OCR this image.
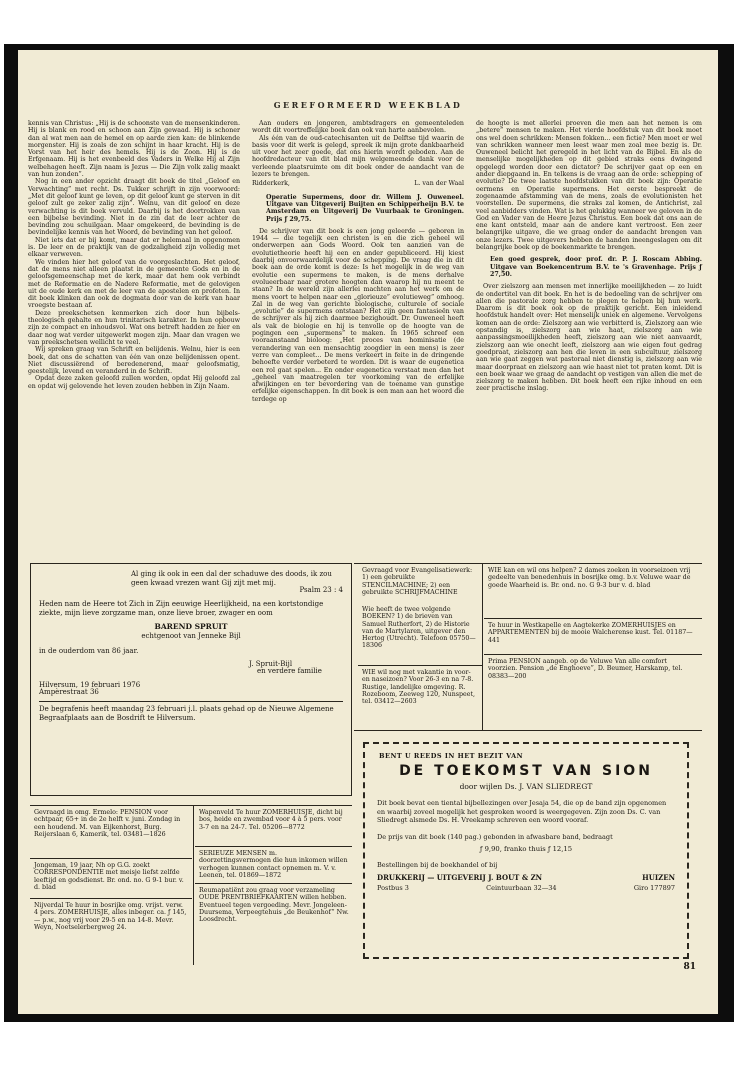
GEREFORMEERD WEEKBLAD

kennis van Christus: „Hij is de schoonste van de mensenkinderen. Hij is blank en rood en schoon aan Zijn gewaad. Hij is schoner dan al wat men aan de hemel en op aarde zien kan: de blinkende morgenster. Hij is zoals de zon schijnt in haar kracht. Hij is de Vorst van het heir des hemels. Hij is de Zoon. Hij is de Erfgenaam. Hij is het evenbeeld des Vaders in Welke Hij al Zijn welbehagen heeft. Zijn naam is Jezus — Die Zijn volk zalig maakt van hun zonden”.

Nog in een ander opzicht draagt dit boek de titel „Geloof en Verwachting” met recht. Ds. Tukker schrijft in zijn voorwoord: „Met dit geloof kunt ge leven, op dit geloof kunt ge sterven in dit geloof zult ge zeker zalig zijn”. Welnu, van dit geloof en deze verwachting is dit boek vervuld. Daarbij is het doortrokken van een bijbelse bevinding. Niet in de zin dat de leer achter de bevinding zou schuilgaan. Maar omgekeerd, de bevinding is de bevindelijke kennis van het Woord, de bevinding van het geloof.

Niet iets dat er bij komt, maar dat er helemaal in opgenomen is. De leer en de praktijk van de godzaligheid zijn volledig met elkaar verweven.

We vinden hier het geloof van de voorgeslachten. Het geloof, dat de mens niet alleen plaatst in de gemeente Gods en in de geloofsgemeenschap met de kerk, maar dat hem ook verbindt met de Reformatie en de Nadere Reformatie, met de gelovigen uit de oude kerk en met de leer van de apostelen en profeten. In dit boek klinken dan ook de dogmata door van de kerk van haar vroegste bestaan af.

Deze preekschetsen kenmerken zich door hun bijbels-theologisch gehalte en hun trinitarisch karakter. In hun opbouw zijn ze compact en inhoudsvol. Wat ons betreft hadden ze hier en daar nog wat verder uitgewerkt mogen zijn. Maar dan vragen we van preekschetsen wellicht te veel.

Wij spreken graag van Schrift en belijdenis. Welnu, hier is een boek, dat ons de schatten van één van onze belijdenissen opent. Niet discussiërend of beredenerend, maar geloofsmatig, geestelijk, levend en veranderd in de Schrift.

Opdat deze zaken geloofd zullen worden, opdat Hij geloofd zal en opdat wij gelovende het leven zouden hebben in Zijn Naam.

Aan ouders en jongeren, ambtsdragers en gemeenteleden wordt dit voortreffelijke boek dan ook van harte aanbevolen.

Als één van de oud-catechisanten uit de Delftse tijd waarin de basis voor dit werk is gelegd, spreek ik mijn grote dankbaarheid uit voor het zeer goede, dat ons hierin wordt geboden. Aan de hoofdredacteur van dit blad mijn welgemeende dank voor de verleende plaatsruimte om dit boek onder de aandacht van de lezers te brengen.

Ridderkerk,	L. van der Waal

Operatie Supermens, door dr. Willem J. Ouweneel. Uitgave van Uitgeverij Buijten en Schipperheijn B.V. te Amsterdam en Uitgeverij De Vuurbaak te Groningen. Prijs ƒ 29,75.

De schrijver van dit boek is een jong geleerde — geboren in 1944 — die tegelijk een christen is en die zich geheel wil onderwerpen aan Gods Woord. Ook ten aanzien van de evolutietheorie heeft hij een en ander gepubliceerd. Hij kiest daarbij onvoorwaardelijk voor de schepping. De vraag die in dit boek aan de orde komt is deze: Is het mogelijk in de weg van evolutie een supermens te maken, is de mens derhalve evolueerbaar naar grotere hoogten dan waarop hij nu meent te staan? In de wereld zijn allerlei machten aan het werk om de mens voort te helpen naar een „glorieuze” evolutieweg” omhoog. Zal in de weg van gerichte biologische, culturele of sociale „evolutie” de supermens ontstaan? Het zijn geen fantasieën van de schrijver als hij zich daarmee bezighoudt. Dr. Ouweneel heeft als vak de biologie en hij is tenvolle op de hoogte van de pogingen een „supermens” te maken. In 1965 schreef een vooraanstaand bioloog: „Het proces van hominisatie (de verandering van een mensachtig zoogdier in een mens) is zeer verre van compleet... De mens verkeert in feite in de dringende behoefte verder verbeterd te worden. Dit is waar de eugenetica een rol gaat spelen... En onder eugenetica verstaat men dan het „geheel van maatregelen ter voorkoming van de erfelijke afwijkingen en ter bevordering van de toename van gunstige erfelijke eigenschappen. In dit boek is een man aan het woord die terdege op

de hoogte is met allerlei proeven die men aan het nemen is om „betere” mensen te maken. Het vierde hoofdstuk van dit boek moet ons wel doen schrikken: Mensen fokken... een fictie? Men moet er wel van schrikken wanneer men leest waar men zoal mee bezig is. Dr. Ouweneel belicht het geregeld in het licht van de Bijbel. En als de menselijke mogelijkheden op dit gebied straks eens dwingend opgelegd worden door een dictator? De schrijver gaat op een en ander diepgaand in. En telkens is de vraag aan de orde: schepping of evolutie? De twee laatste hoofdstukken van dit boek zijn: Operatie oermens en Operatie supermens. Het eerste bespreekt de zogenaamde afstamming van de mens, zoals de evolutionisten het voorstellen. De supermens, die straks zal komen, de Antichrist, zal veel aanbidders vinden. Wat is het gelukkig wanneer we geloven in de God en Vader van de Heere Jezus Christus. Een boek dat ons aan de ene kant ontsteld, maar aan de andere kant vertroost. Een zeer belangrijke uitgave, die we graag onder de aandacht brengen van onze lezers. Twee uitgevers hebben de handen ineengeslagen om dit belangrijke boek op de boekenmarkte te brengen.

Een goed gesprek, door prof. dr. P. J. Roscam Abbing. Uitgave van Boekencentrum B.V. te 's Gravenhage. Prijs ƒ 27,50.

Over zielszorg aan mensen met innerlijke moeilijkheden — zo luidt de ondertitel van dit boek. En het is de bedoeling van de schrijver om allen die pastorale zorg hebben te plegen te helpen bij hun werk. Daarom is dit boek ook op de praktijk gericht. Een inleidend hoofdstuk handelt over: Het menselijk uniek en algemene. Vervolgens komen aan de orde: Zielszorg aan wie verbitterd is, Zielszorg aan wie opstandig is, zielszorg aan wie haat, zielszorg aan wie aanpassingsmoeilijkheden heeft, zielszorg aan wie niet aanvaardt, zielszorg aan wie onecht leeft, zielszorg aan wie eigen fout gedrag goedpraat, zielszorg aan hen die leven in een subcultuur, zielszorg aan wie gaat zeggen wat pastoraal niet dienstig is, zielszorg aan wie maar doorpraat en zielszorg aan wie haast niet tot praten komt. Dit is een boek waar we graag de aandacht op vestigen van allen die met de zielszorg te maken hebben. Dit boek heeft een rijke inhoud en een zeer practische inslag.

Al ging ik ook in een dal der schaduwe des doods, ik zou geen kwaad vrezen want Gij zijt met mij.
Psalm 23 : 4
Heden nam de Heere tot Zich in Zijn eeuwige Heerlijkheid, na een kortstondige ziekte, mijn lieve zorgzame man, onze lieve broer, zwager en oom
BAREND SPRUIT
echtgenoot van Jenneke Bijl
in de ouderdom van 86 jaar.
J. Spruit-Bijl
en verdere familie
Hilversum, 19 februari 1976
Ampèrestraat 36
De begrafenis heeft maandag 23 februari j.l. plaats gehad op de Nieuwe Algemene Begraafplaats aan de Bosdrift te Hilversum.
Gevraagd voor Evangelisatiewerk: 1) een gebruikte STENCILMACHINE; 2) een gebruikte SCHRIJFMACHINE
Wie heeft de twee volgende BOEKEN? 1) de brieven van Samuel Rutherfort, 2) de Historie van de Martylaren, uitgever den Hertog (Utrecht). Telefoon 05750—18306
WIE wil nog met vakantie in voor- en naseizoen? Voor 26-3 en na 7-8. Rustige, landelijke omgeving. R. Rozeboom, Zeeweg 120, Nunspeet, tel. 03412—2603
WIE kan en wil ons helpen? 2 dames zoeken in voorseizoen vrij gedeelte van benedenhuis in bosrijke omg. b.v. Veluwe waar de goede Waarheid is. Br. ond. no. G 9-3 bur v. d. blad
Te huur in Westkapelle en Aagtekerke ZOMERHUISJES en APPARTEMENTEN bij de mooie Walcherense kust. Tel. 01187—441
Prima PENSION aangeb. op de Veluwe Van alle comfort voorzien. Pension „de Enghoeve”, D. Beumer, Harskamp, tel. 08383—200
Gevraagd in omg. Ermelo: PENSION voor echtpaar, 65+ in de 2e helft v. juni. Zondag in een houdend. M. van Eijkenhorst, Burg. Reijerslaan 6, Kamerik, tel. 03481—1826
Jongeman, 19 jaar, Nh op G.G. zoekt CORRESPONDENTIE met meisje liefst zelfde leeftijd en godsdienst. Br. ond. no. G 9-1 bur. v. d. blad
Nijverdal Te huur in bosrijke omg. vrijst. verw. 4 pers. ZOMERHUISJE, alles inbeger. ca. ƒ 145,— p.w., nog vrij voor 29-5 en na 14-8. Mevr. Weyn, Noetselerbergweg 24.
Wapenveld Te huur ZOMERHUISJE, dicht bij bos, heide en zwembad voor 4 à 5 pers. voor 3-7 en na 24-7. Tel. 05206—8772
SERIEUZE MENSEN m. doorzettingsvermogen die hun inkomen willen verhogen kunnen contact opnemen m. V. v. Leenen, tel. 01869—1872
Reumapatiënt zou graag voor verzameling OUDE PRENTBRIEFKAARTEN willen hebben. Eventueel tegen vergoeding. Mevr. Jongeleen-Duursema, Verpeegtehuis „de Beukenhof” Nw. Loosdrecht.
BENT U REEDS IN HET BEZIT VAN
DE TOEKOMST VAN SION
door wijlen Ds. J. VAN SLIEDREGT
Dit boek bevat een tiental bijbellezingen over Jesaja 54, die op de band zijn opgenomen en waarbij zoveel mogelijk het gesproken woord is weergegeven. Zijn zoon Ds. C. van Sliedregt alsmede Ds. H. Vreekamp schreven een woord vooraf.
De prijs van dit boek (140 pag.) gebonden in afwasbare band, bedraagt
ƒ 9,90, franko thuis ƒ 12,15
Bestellingen bij de boekhandel of bij
DRUKKERIJ — UITGEVERIJ J. BOUT & ZN	HUIZEN
Postbus 3	Ceintuurbaan 32—34	Giro 177897
81
